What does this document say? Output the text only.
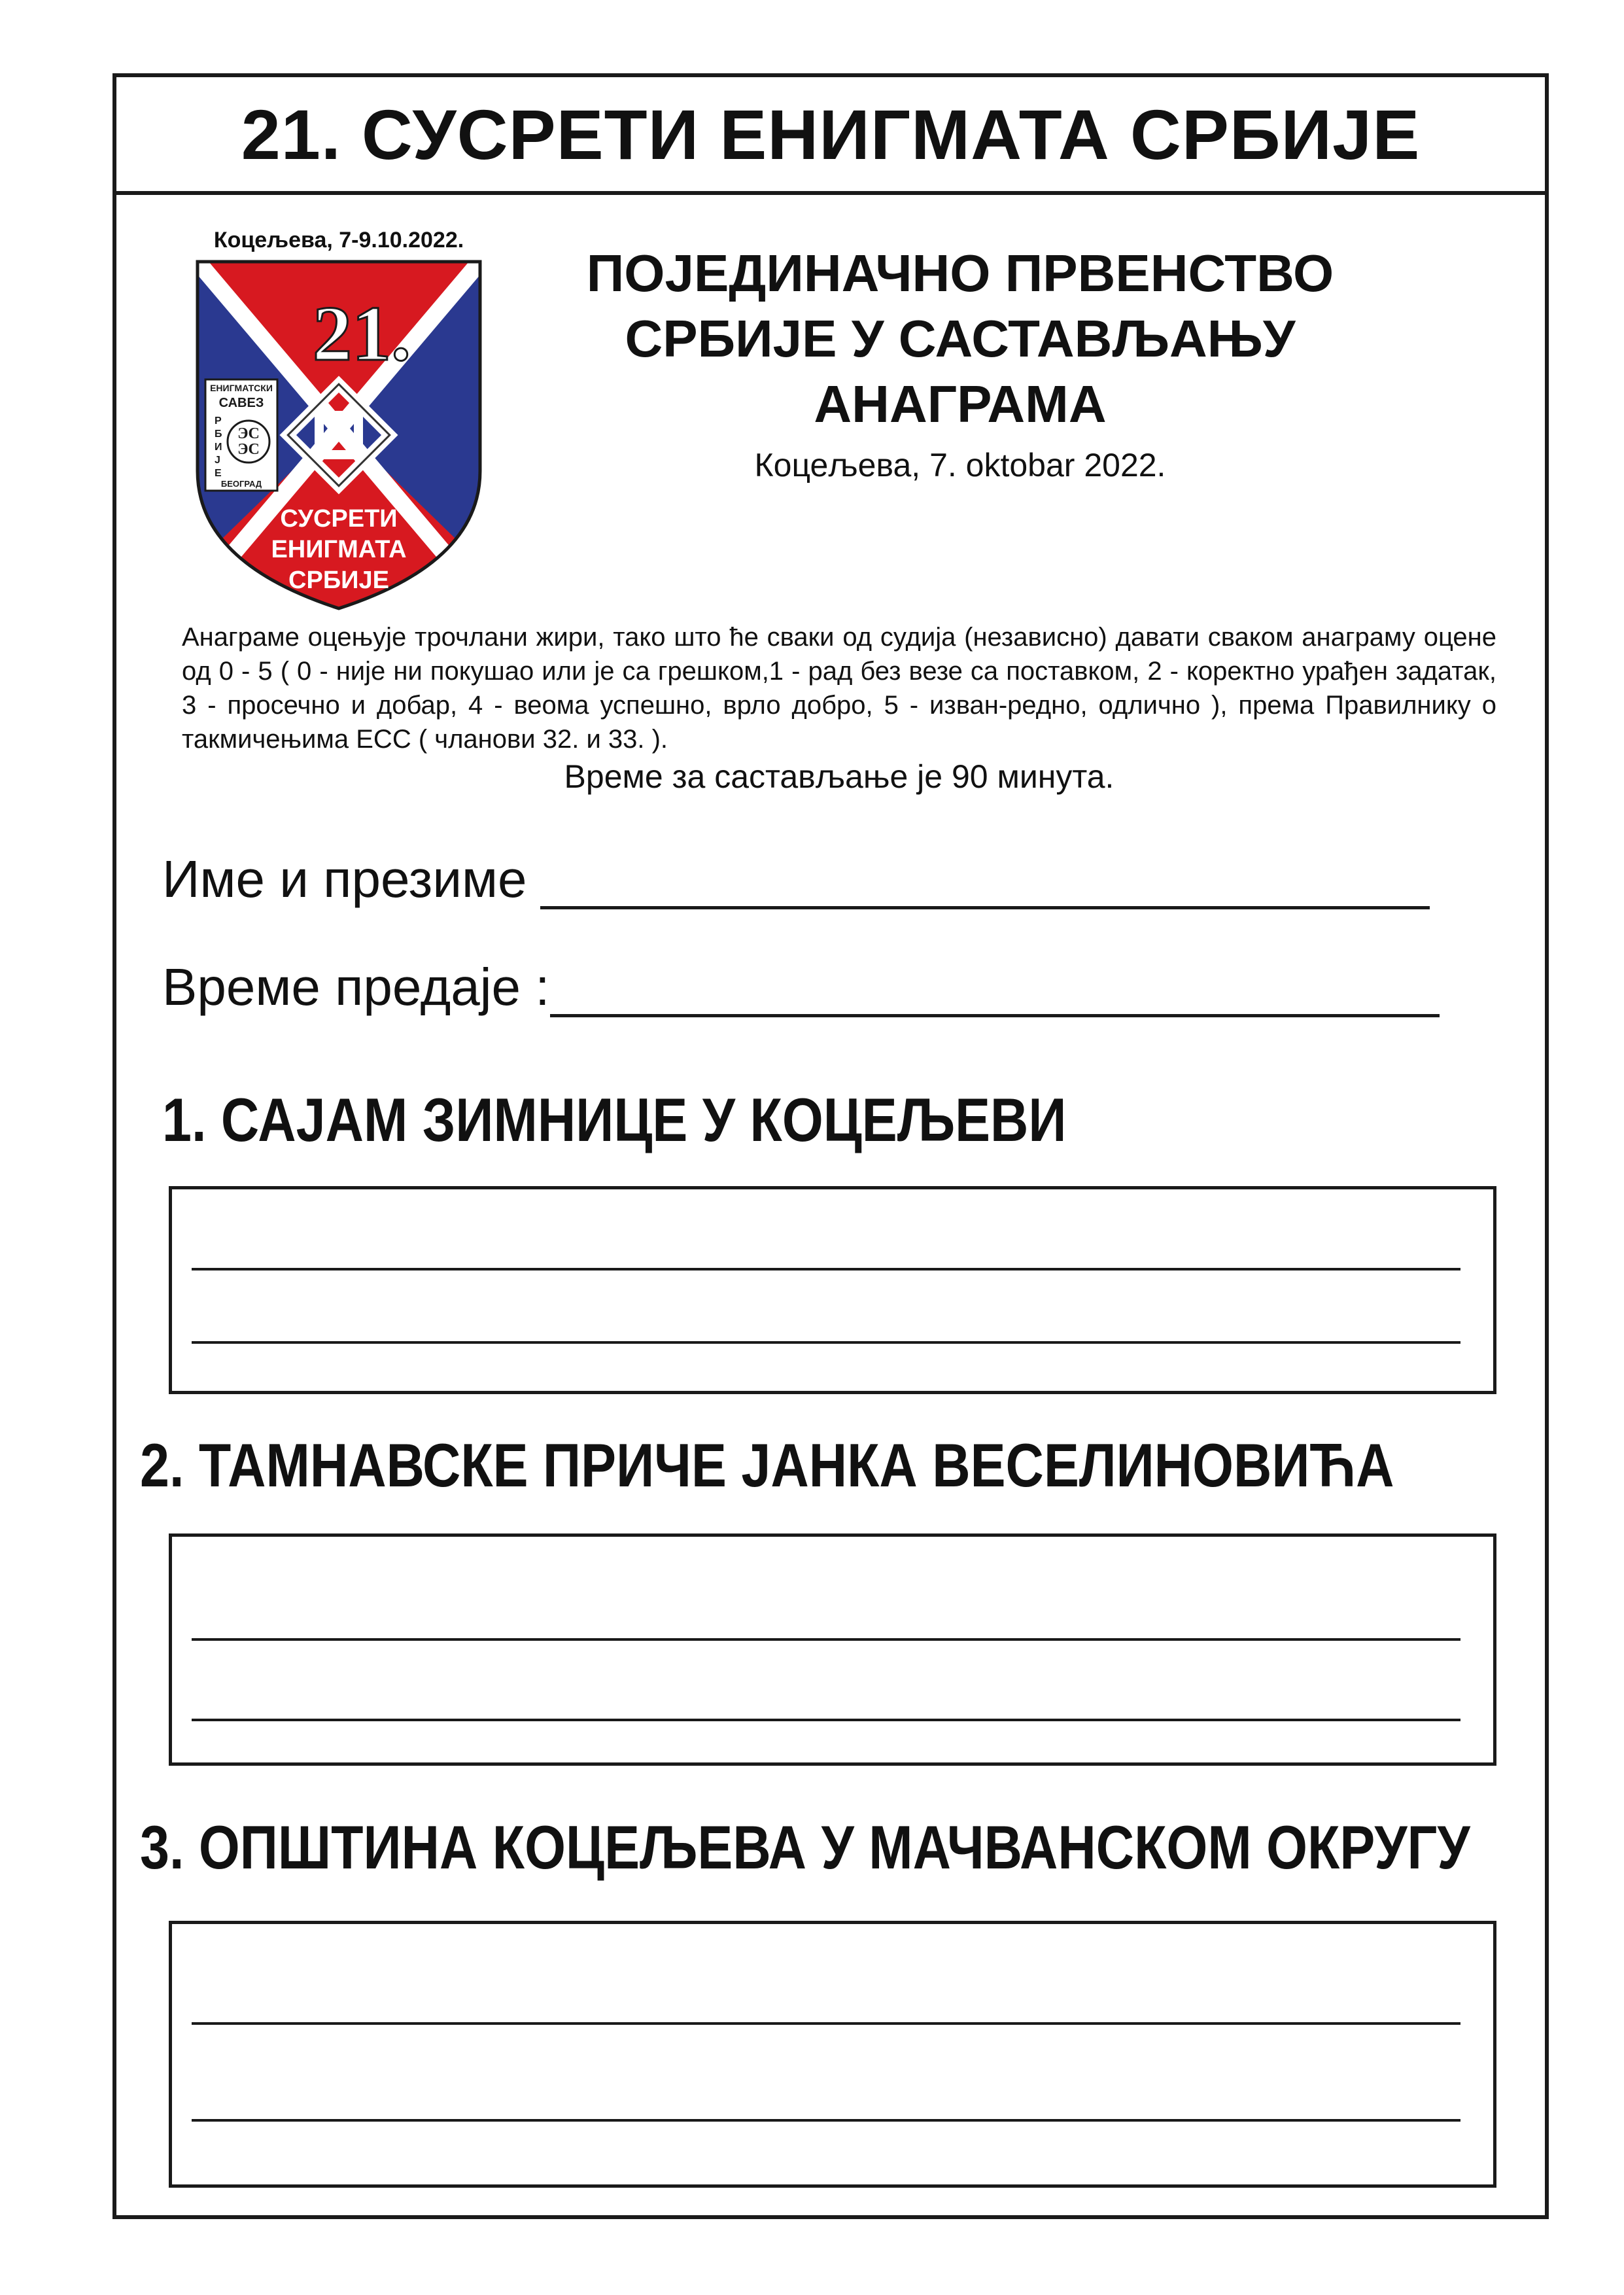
21. СУСРЕТИ ЕНИГМАТА СРБИЈЕ
Коцељева, 7-9.10.2022.
ЕНИГМАТСКИ
САВЕЗ
ЭС
ЭС
Р
Б
И
Ј
Е
БЕОГРАД
21.
СУСРЕТИ
ЕНИГМАТА
СРБИЈЕ
ПОЈЕДИНАЧНО ПРВЕНСТВО
СРБИЈЕ У САСТАВЉАЊУ
АНАГРАМА
Коцељева, 7. oktobar 2022.
Анаграме оцењује трочлани жири, тако што ће сваки од судија (независно) давати сваком анаграму оцене од 0 - 5 ( 0 - није ни покушао или је са грешком,1 - рад без везе са поставком, 2 - коректно урађен задатак, 3 - просечно и добар, 4 - веома успешно, врло добро, 5 - изван-редно, одлично ), према Правилнику о такмичењима ЕСС ( чланови 32. и 33. ).
Време за састављање је 90 минута.
Име и презиме
Време предаје :
1. САЈАМ ЗИМНИЦЕ У КОЦЕЉЕВИ
2. ТАМНАВСКЕ ПРИЧЕ ЈАНКА ВЕСЕЛИНОВИЋА
3. ОПШТИНА КОЦЕЉЕВА У МАЧВАНСКОМ ОКРУГУ
